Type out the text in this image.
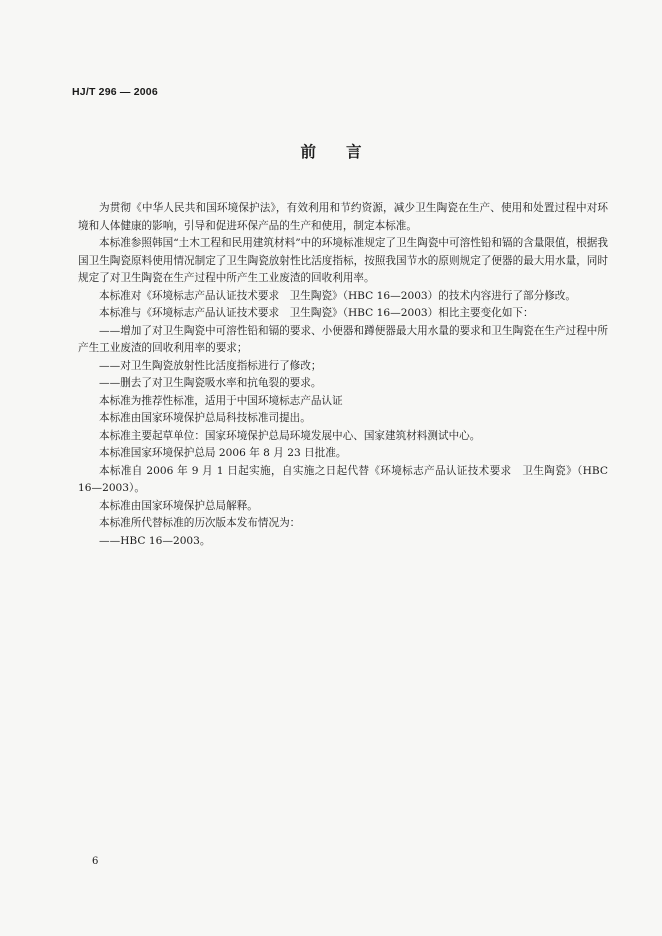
HJ/T 296 — 2006
前 言

为贯彻《中华人民共和国环境保护法》，有效利用和节约资源，减少卫生陶瓷在生产、使用和处置过程中对环境和人体健康的影响，引导和促进环保产品的生产和使用，制定本标准。

本标准参照韩国“土木工程和民用建筑材料”中的环境标准规定了卫生陶瓷中可溶性铅和镉的含量限值，根据我国卫生陶瓷原料使用情况制定了卫生陶瓷放射性比活度指标，按照我国节水的原则规定了便器的最大用水量，同时规定了对卫生陶瓷在生产过程中所产生工业废渣的回收利用率。

本标准对《环境标志产品认证技术要求　卫生陶瓷》（HBC 16—2003）的技术内容进行了部分修改。

本标准与《环境标志产品认证技术要求　卫生陶瓷》（HBC 16—2003）相比主要变化如下：

——增加了对卫生陶瓷中可溶性铅和镉的要求、小便器和蹲便器最大用水量的要求和卫生陶瓷在生产过程中所产生工业废渣的回收利用率的要求；

——对卫生陶瓷放射性比活度指标进行了修改；

——删去了对卫生陶瓷吸水率和抗龟裂的要求。

本标准为推荐性标准，适用于中国环境标志产品认证

本标准由国家环境保护总局科技标准司提出。

本标准主要起草单位：国家环境保护总局环境发展中心、国家建筑材料测试中心。

本标准国家环境保护总局 2006 年 8 月 23 日批准。

本标准自 2006 年 9 月 1 日起实施，自实施之日起代替《环境标志产品认证技术要求　卫生陶瓷》（HBC 16—2003）。

本标准由国家环境保护总局解释。

本标准所代替标准的历次版本发布情况为：

——HBC 16—2003。

6
